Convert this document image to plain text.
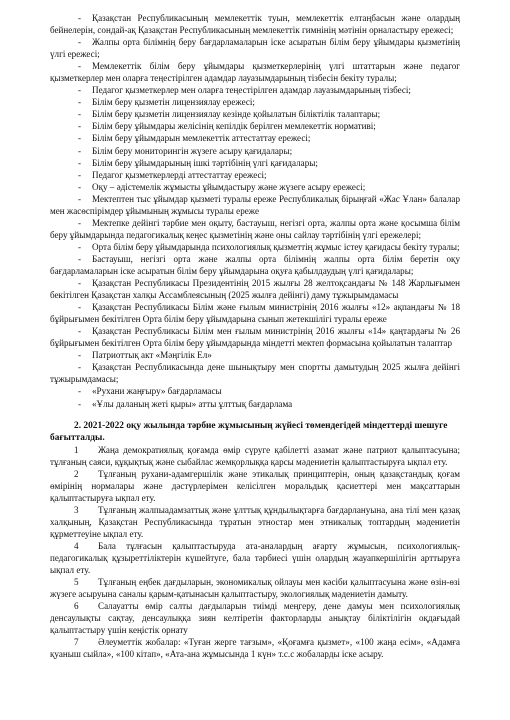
- Қазақстан Республикасының мемлекеттік туын, мемлекеттік елтаңбасын және олардың бейнелерін, сондай-ақ Қазақстан Республикасының мемлекеттік гимнінің мәтінін орналастыру ережесі;
- Жалпы орта білімнің беру бағдарламаларын іске асыратын білім беру ұйымдары қызметінің үлгі ережесі;
- Мемлекеттік білім беру ұйымдары қызметкерлерінің үлгі штаттарын және педагог қызметкерлер мен оларға теңестірілген адамдар лауазымдарының тізбесін бекіту туралы;
- Педагог қызметкерлер мен оларға теңестірілген адамдар лауазымдарының тізбесі;
- Білім беру қызметін лицензиялау ережесі;
- Білім беру қызметін лицензиялау кезінде қойылатын біліктілік талаптары;
- Білім беру ұйымдары желісінің кепілдік берілген мемлекеттік нормативі;
- Білім беру ұйымдарын мемлекеттік аттестаттау ережесі;
- Білім беру мониторингін жүзеге асыру қағидалары;
- Білім беру ұйымдарының ішкі тәртібінің үлгі қағидалары;
- Педагог қызметкерлерді аттестаттау ережесі;
- Оқу – әдістемелік жұмысты ұйымдастыру және жүзеге асыру ережесі;
- Мектептен тыс ұйымдар қызметі туралы ереже Республикалық бірыңғай «Жас Ұлан» балалар мен жасөспірімдер ұйымының жұмысы туралы ереже
- Мектепке дейінгі тәрбие мен оқыту, бастауыш, негізгі орта, жалпы орта және қосымша білім беру ұйымдарында педагогикалық кеңес қызметінің және оны сайлау тәртібінің үлгі ережелері;
- Орта білім беру ұйымдарында психологиялық қызметтің жұмыс істеу қағидасы бекіту туралы;
- Бастауыш, негізгі орта және жалпы орта білімнің жалпы орта білім беретін оқу бағдарламаларын іске асыратын білім беру ұйымдарына оқуға қабылдаудың үлгі қағидалары;
- Қазақстан Республикасы Президентінің 2015 жылғы 28 желтоқсандағы № 148 Жарлығымен бекітілген Қазақстан халқы Ассамблеясының (2025 жылға дейінгі) даму тұжырымдамасы
- Қазақстан Республикасы Білім және ғылым министрінің 2016 жылғы «12» ақпандағы № 18 бұйрығымен бекітілген Орта білім беру ұйымдарына сынып жетекшілігі туралы ереже
- Қазақстан Республикасы Білім мен ғылым министрінің 2016 жылғы «14» қаңтардағы № 26 бұйрығымен бекітілген Орта білім беру ұйымдарында міндетті мектеп формасына қойылатын талаптар
- Патриоттық акт «Мәңгілік Ел»
- Қазақстан Республикасында дене шынықтыру мен спортты дамытудың 2025 жылға дейінгі тұжырымдамасы;
- «Рухани жаңғыру» бағдарламасы
- «Ұлы даланың жеті қыры» атты ұлттық бағдарлама

2. 2021-2022 оқу жылында тәрбие жұмысының жүйесі төмендегідей міндеттерді шешуге бағытталды.

1 Жаңа демократиялық қоғамда өмір сүруге қабілетті азамат және патриот қалыптасуына; тұлғаның саяси, құқықтық және сыбайлас жемқорлыққа қарсы мәдениетін қалыптастыруға ықпал ету.
2 Тұлғаның рухани-адамгершілік және этикалық принциптерін, оның қазақстандық қоғам өмірінің нормалары және дәстүрлерімен келісілген моральдық қасиеттері мен мақсаттарын қалыптастыруға ықпал ету.
3 Тұлғаның жалпыадамзаттық және ұлттық құндылықтарға бағдарлануына, ана тілі мен қазақ халқының, Қазақстан Республикасында тұратын этностар мен этникалық топтардың мәдениетін құрметтеуіне ықпал ету.
4 Бала тұлғасын қалыптастыруда ата-аналардың ағарту жұмысын, психологиялық-педагогикалық құзыреттіліктерін күшейтуге, бала тәрбиесі үшін олардың жауапкершілігін арттыруға ықпал ету.
5 Тұлғаның еңбек дағдыларын, экономикалық ойлауы мен кәсіби қалыптасуына және өзін-өзі жүзеге асыруына саналы қарым-қатынасын қалыптастыру, экологиялық мәдениетін дамыту.
6 Салауатты өмір салты дағдыларын тиімді меңгеру, дене дамуы мен психологиялық денсаулықты сақтау, денсаулыққа зиян келтіретін факторларды анықтау біліктілігін оқдағыдай қалыптастыру үшін кеңістік орнату
7 Әлеуметтік жобалар: «Туған жерге тағзым», «Қоғамға қызмет», «100 жаңа есім», «Адамға қуаныш сыйла», «100 кітап», «Ата-ана жұмысында 1 күн» т.с.с жобаларды іске асыру.
